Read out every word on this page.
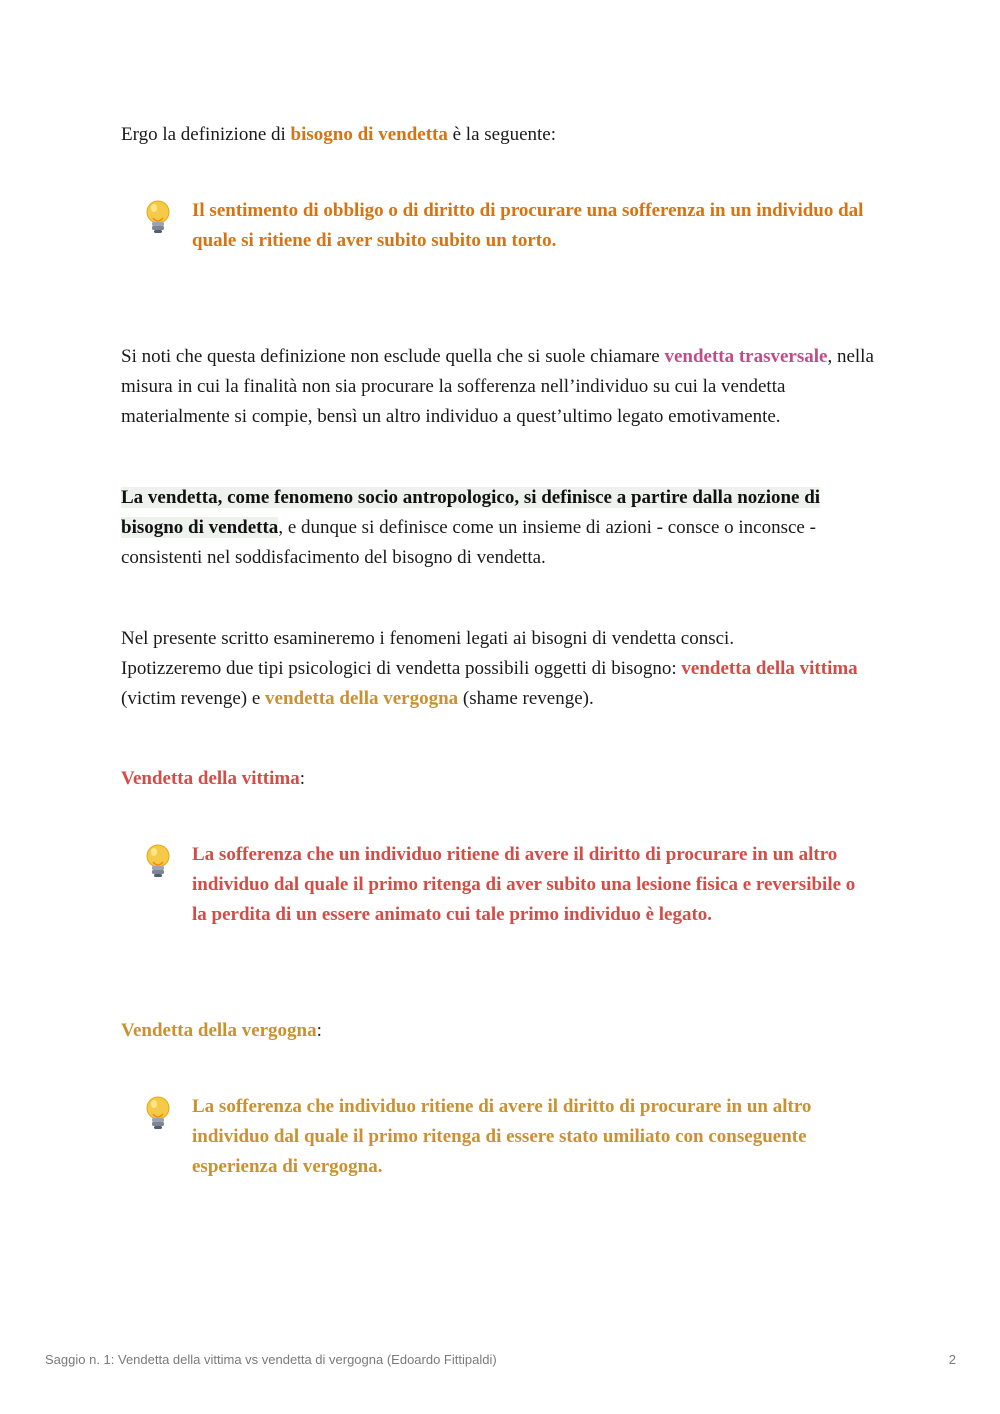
Ergo la definizione di bisogno di vendetta è la seguente:

Il sentimento di obbligo o di diritto di procurare una sofferenza in un individuo dal quale si ritiene di aver subito subito un torto.

Si noti che questa definizione non esclude quella che si suole chiamare vendetta trasversale, nella misura in cui la finalità non sia procurare la sofferenza nell’individuo su cui la vendetta materialmente si compie, bensì un altro individuo a quest’ultimo legato emotivamente.

La vendetta, come fenomeno socio antropologico, si definisce a partire dalla nozione di bisogno di vendetta, e dunque si definisce come un insieme di azioni - consce o inconsce - consistenti nel soddisfacimento del bisogno di vendetta.

Nel presente scritto esamineremo i fenomeni legati ai bisogni di vendetta consci.
Ipotizzeremo due tipi psicologici di vendetta possibili oggetti di bisogno: vendetta della vittima (victim revenge) e vendetta della vergogna (shame revenge).

Vendetta della vittima:

La sofferenza che un individuo ritiene di avere il diritto di procurare in un altro individuo dal quale il primo ritenga di aver subito una lesione fisica e reversibile o la perdita di un essere animato cui tale primo individuo è legato.

Vendetta della vergogna:

La sofferenza che individuo ritiene di avere il diritto di procurare in un altro individuo dal quale il primo ritenga di essere stato umiliato con conseguente esperienza di vergogna.

Saggio n. 1: Vendetta della vittima vs vendetta di vergogna (Edoardo Fittipaldi)	2
